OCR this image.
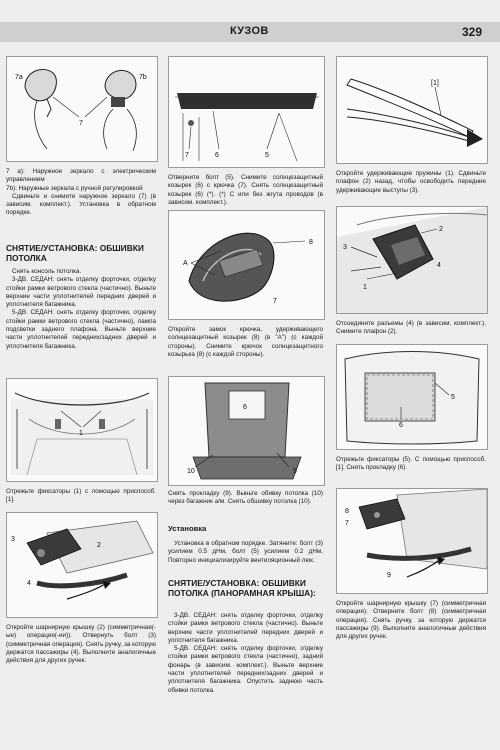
КУЗОВ	329
7a	7b
7

7 а): Наружное зеркало с электрическим управлением

7b): Наружные зеркала с ручной регулировкой

Сдвиньте и снимите наружное зеркало (7) (в зависим. комплект.). Установка в обратном порядке.

СНЯТИЕ/УСТАНОВКА: ОБШИВКИ ПОТОЛКА

Снять консоль потолка.

3-ДВ. СЕДАН: снять отделку форточки, отделку стойки рамки ветрового стекла (частично). Выньте верхние части уплотнителей передних дверей и уплотнителя багажника.

5-ДВ. СЕДАН: снять отделку форточки, отделку стойки рамки ветрового стекла (частично), лампа подсветки заднего плафона. Выньте верхние части уплотнителей передних/задних дверей и уплотнителя багажника.

1
Отрежьте фиксаторы (1) с помощью приспособ. [1].
3
2
4
Откройте шарнирную крышку (2) (симметричная(-ые) операция(-ии)). Отвернуть болт (3) (симметричная операция). Снять ручку, за которую держатся пассажиры (4). Выполните аналогичные действия для других ручек.
7	6	5
Отверните болт (5). Снимите солнцезащитный козырек (6) с крючка (7). Снять солнцезащитный козырек (6) (*). (*) С или без жгута проводов (в зависим. комплект.).
8
A
7
Откройте замок крючка, удерживающего солнцезащитный козырек (8) (в "A") (с каждой стороны). Снимите крючок солнцезащитного козырька (8) (с каждой стороны).
6
10	9
Снять прокладку (9). Выньте обивку потолка (10) через багажник а/м. Снять обшивку потолка (10).
Установка
Установка в обратном порядке. Затяните: болт (3) усилием 0.5 дНм, болт (5) усилием 0.2 дНм. Повторно инициализируйте вентиляционный люк.
СНЯТИЕ/УСТАНОВКА: ОБШИВКИ ПОТОЛКА (ПАНОРАМНАЯ КРЫША):

3-ДВ. СЕДАН: снять отделку форточки, отделку стойки рамки ветрового стекла (частично). Выньте верхние части уплотнителей передних дверей и уплотнителя багажника.

5-ДВ. СЕДАН: снять отделку форточки, отделку стойки рамки ветрового стекла (частично), задний фонарь (в зависим. комплект.). Выньте верхние части уплотнителей передних/задних дверей и уплотнителя багажника. Опустить заднюю часть обивки потолка.

[1]
Откройте удерживающие пружины (1). Сдвиньте плафон (2) назад, чтобы освободить передние удерживающие выступы (3).
2
3
1
4
Отсоедините разъемы (4) (в зависим. комплект.). Снимите плафон (2).
5
6
Отрежьте фиксаторы (5). С помощью приспособ. [1]. Снять прокладку (6).
8
7
9
Откройте шарнирную крышку (7) (симметричная операция). Отверните болт (8) (симметричная операция). Снять ручку, за которую держатся пассажиры (9). Выполните аналогичные действия для других ручек.
